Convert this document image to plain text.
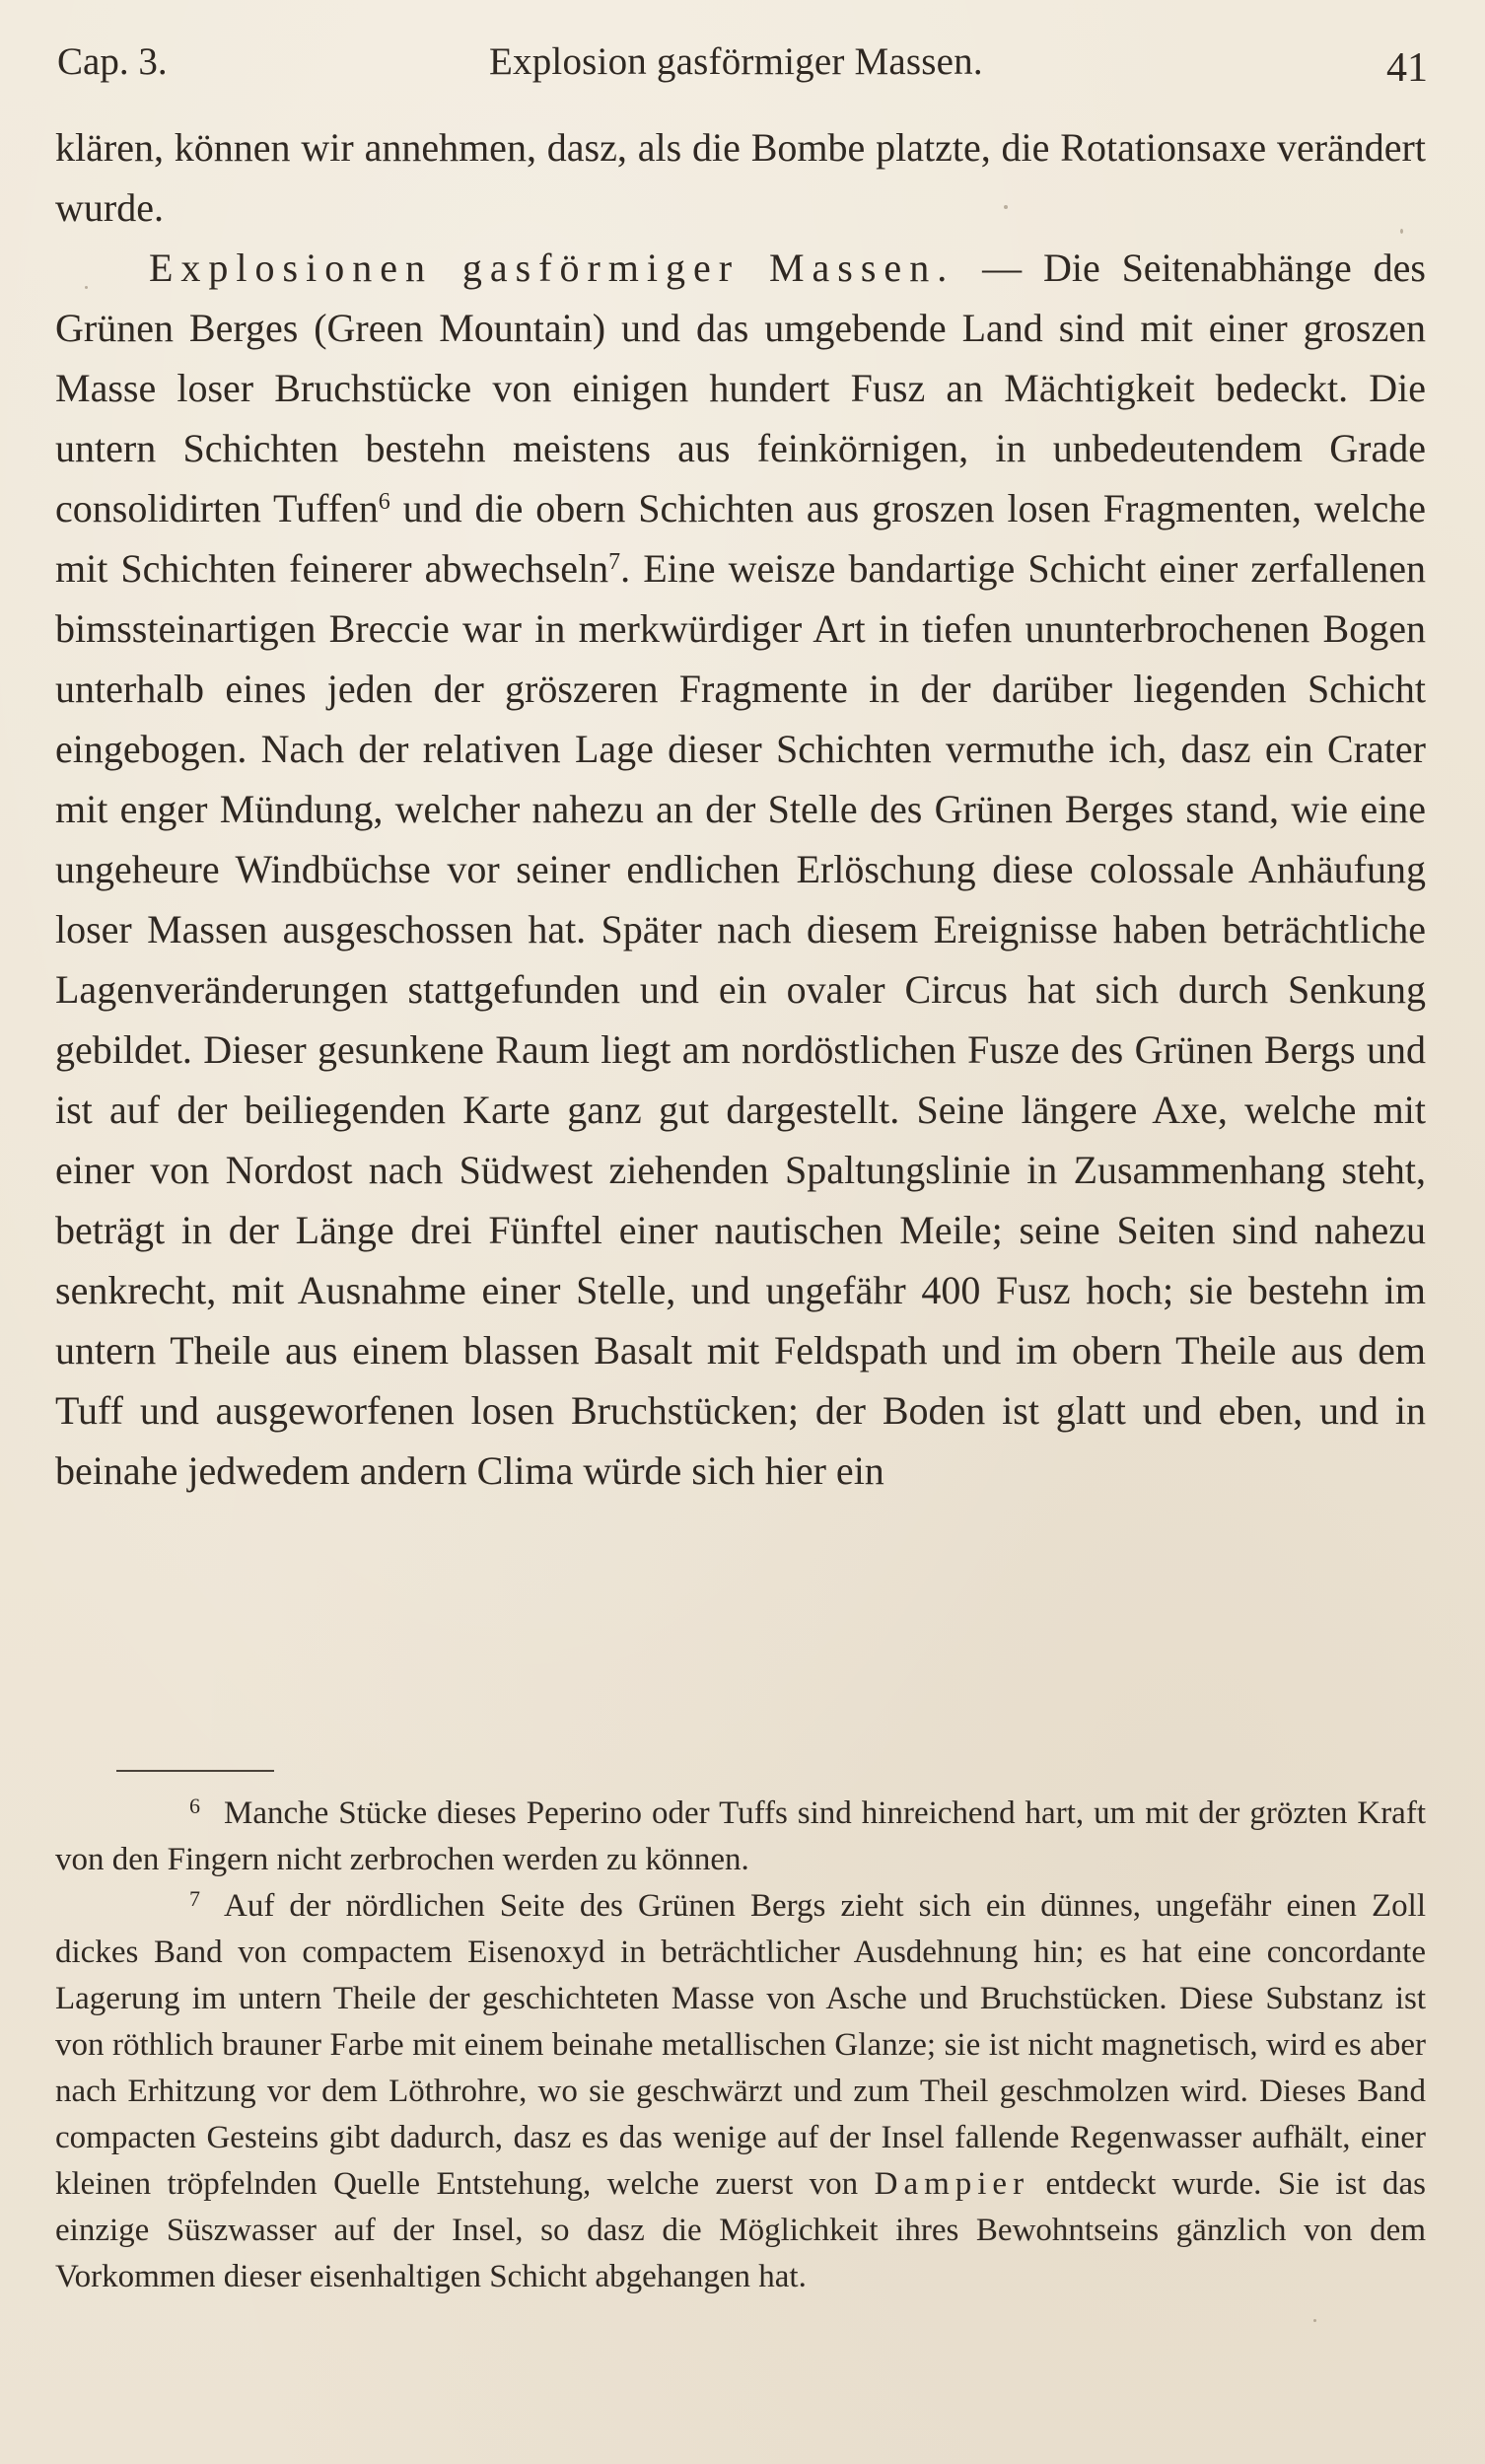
Cap. 3.	Explosion gasförmiger Massen.	41

klären, können wir annehmen, dasz, als die Bombe platzte, die Rotationsaxe verändert wurde.

Explosionen gasförmiger Massen. — Die Seitenabhänge des Grünen Berges (Green Mountain) und das umgebende Land sind mit einer groszen Masse loser Bruchstücke von einigen hundert Fusz an Mächtigkeit bedeckt. Die untern Schichten bestehn meistens aus feinkörnigen, in unbedeutendem Grade consolidirten Tuffen$^6$ und die obern Schichten aus groszen losen Fragmenten, welche mit Schichten feinerer abwechseln$^7$. Eine weisze bandartige Schicht einer zerfallenen bimssteinartigen Breccie war in merkwürdiger Art in tiefen ununterbrochenen Bogen unterhalb eines jeden der gröszeren Fragmente in der darüber liegenden Schicht eingebogen. Nach der relativen Lage dieser Schichten vermuthe ich, dasz ein Crater mit enger Mündung, welcher nahezu an der Stelle des Grünen Berges stand, wie eine ungeheure Windbüchse vor seiner endlichen Erlöschung diese colossale Anhäufung loser Massen ausgeschossen hat. Später nach diesem Ereignisse haben beträchtliche Lagenveränderungen stattgefunden und ein ovaler Circus hat sich durch Senkung gebildet. Dieser gesunkene Raum liegt am nordöstlichen Fusze des Grünen Bergs und ist auf der beiliegenden Karte ganz gut dargestellt. Seine längere Axe, welche mit einer von Nordost nach Südwest ziehenden Spaltungslinie in Zusammenhang steht, beträgt in der Länge drei Fünftel einer nautischen Meile; seine Seiten sind nahezu senkrecht, mit Ausnahme einer Stelle, und ungefähr 400 Fusz hoch; sie bestehn im untern Theile aus einem blassen Basalt mit Feldspath und im obern Theile aus dem Tuff und ausgeworfenen losen Bruchstücken; der Boden ist glatt und eben, und in beinahe jedwedem andern Clima würde sich hier ein

6 Manche Stücke dieses Peperino oder Tuffs sind hinreichend hart, um mit der grözten Kraft von den Fingern nicht zerbrochen werden zu können.

7 Auf der nördlichen Seite des Grünen Bergs zieht sich ein dünnes, ungefähr einen Zoll dickes Band von compactem Eisenoxyd in beträchtlicher Ausdehnung hin; es hat eine concordante Lagerung im untern Theile der geschichteten Masse von Asche und Bruchstücken. Diese Substanz ist von röthlich brauner Farbe mit einem beinahe metallischen Glanze; sie ist nicht magnetisch, wird es aber nach Erhitzung vor dem Löthrohre, wo sie geschwärzt und zum Theil geschmolzen wird. Dieses Band compacten Gesteins gibt dadurch, dasz es das wenige auf der Insel fallende Regenwasser aufhält, einer kleinen tröpfelnden Quelle Entstehung, welche zuerst von Dampier entdeckt wurde. Sie ist das einzige Süszwasser auf der Insel, so dasz die Möglichkeit ihres Bewohntseins gänzlich von dem Vorkommen dieser eisenhaltigen Schicht abgehangen hat.
